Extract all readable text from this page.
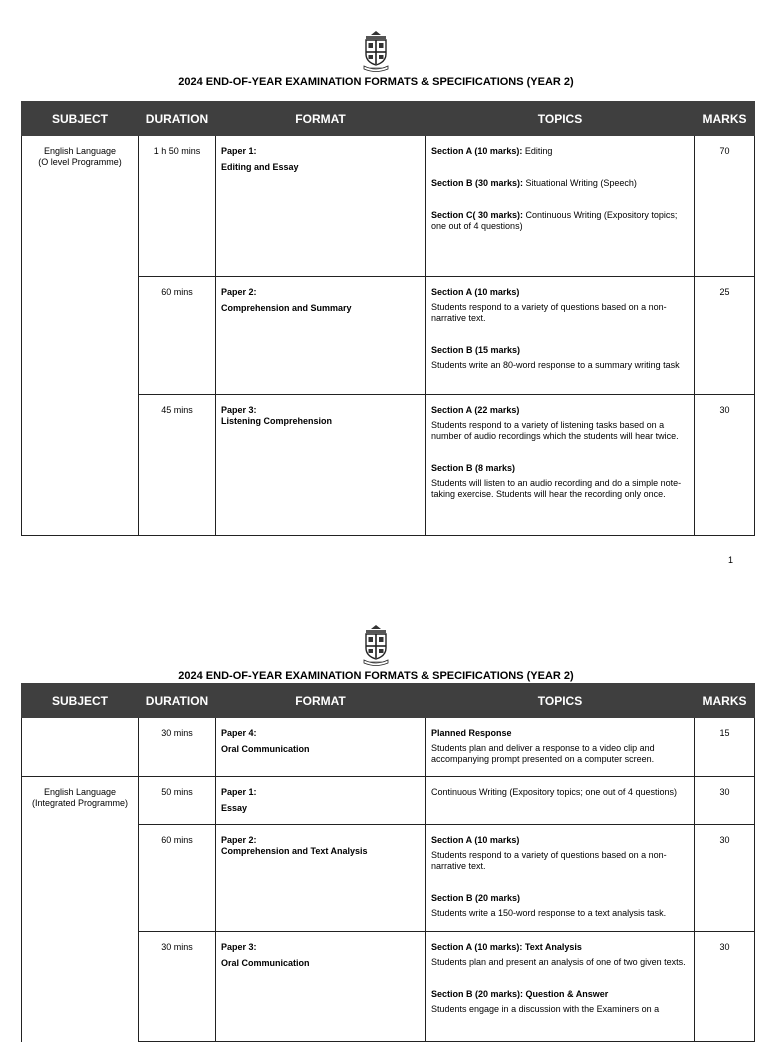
2024 END-OF-YEAR EXAMINATION FORMATS & SPECIFICATIONS (YEAR 2)
SUBJECT	DURATION	FORMAT	TOPICS	MARKS

English Language
(O level Programme)	1 h 50 mins	Paper 1:
Editing and Essay	Section A (10 marks): Editing
Section B (30 marks): Situational Writing (Speech)
Section C( 30 marks): Continuous Writing (Expository topics; one out of 4 questions)	70
	60 mins	Paper 2:
Comprehension and Summary	Section A (10 marks)
Students respond to a variety of questions based on a non-narrative text.
Section B (15 marks)
Students write an 80-word response to a summary writing task	25
	45 mins	Paper 3:
Listening Comprehension	Section A (22 marks)
Students respond to a variety of listening tasks based on a number of audio recordings which the students will hear twice.
Section B (8 marks)
Students will listen to an audio recording and do a simple note-taking exercise. Students will hear the recording only once.	30
1
2024 END-OF-YEAR EXAMINATION FORMATS & SPECIFICATIONS (YEAR 2)
SUBJECT	DURATION	FORMAT	TOPICS	MARKS
	30 mins	Paper 4:
Oral Communication	Planned Response
Students plan and deliver a response to a video clip and accompanying prompt presented on a computer screen.	15

English Language
(Integrated Programme)	50 mins	Paper 1:
Essay	Continuous Writing (Expository topics; one out of 4 questions)	30
	60 mins	Paper 2:
Comprehension and Text Analysis	Section A (10 marks)
Students respond to a variety of questions based on a non-narrative text.
Section B (20 marks)
Students write a 150-word response to a text analysis task.	30
	30 mins	Paper 3:
Oral Communication	Section A (10 marks): Text Analysis
Students plan and present an analysis of one of two given texts.
Section B (20 marks): Question & Answer
Students engage in a discussion with the Examiners on a	30
